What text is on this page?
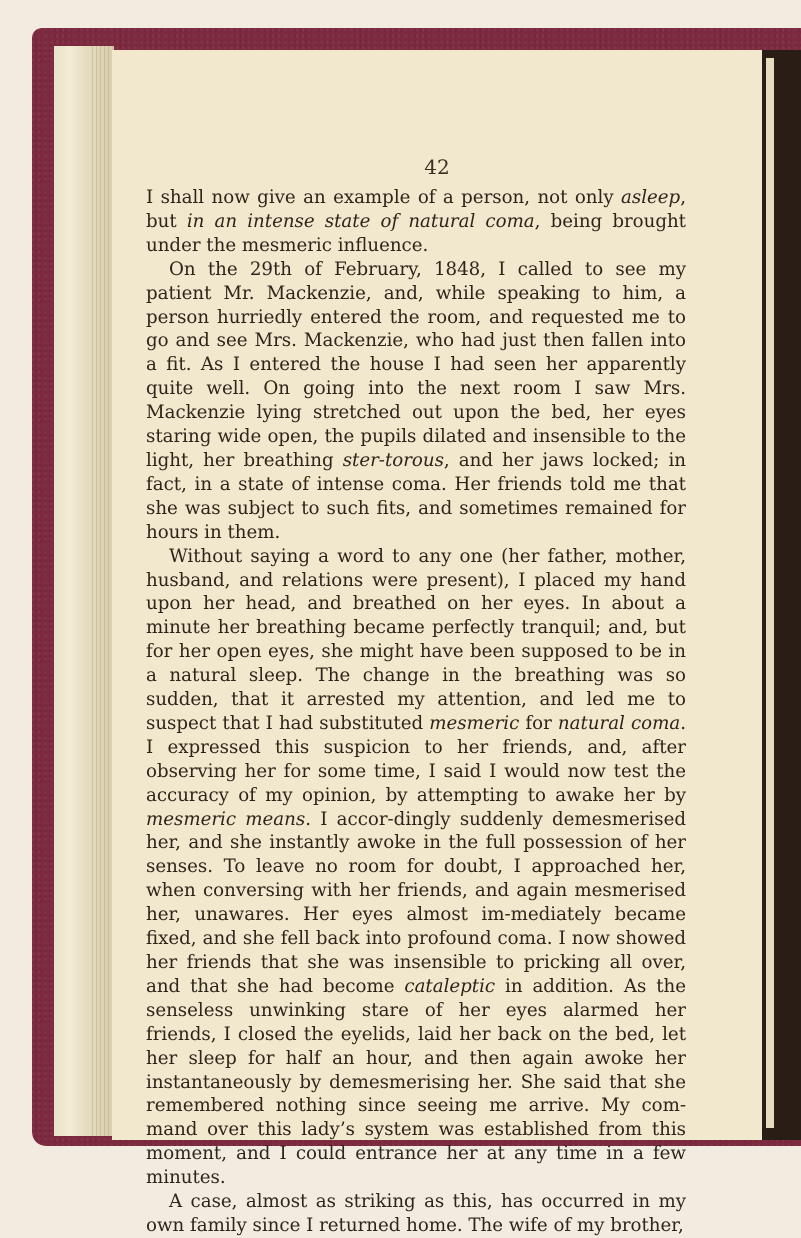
42

I shall now give an example of a person, not only asleep, but in an intense state of natural coma, being brought under the mesmeric influence.

On the 29th of February, 1848, I called to see my patient Mr. Mackenzie, and, while speaking to him, a person hurriedly entered the room, and requested me to go and see Mrs. Mackenzie, who had just then fallen into a fit. As I entered the house I had seen her apparently quite well. On going into the next room I saw Mrs. Mackenzie lying stretched out upon the bed, her eyes staring wide open, the pupils dilated and insensible to the light, her breathing ster-torous, and her jaws locked; in fact, in a state of intense coma. Her friends told me that she was subject to such fits, and sometimes remained for hours in them.

Without saying a word to any one (her father, mother, husband, and relations were present), I placed my hand upon her head, and breathed on her eyes. In about a minute her breathing became perfectly tranquil; and, but for her open eyes, she might have been supposed to be in a natural sleep. The change in the breathing was so sudden, that it arrested my attention, and led me to suspect that I had substituted mesmeric for natural coma. I expressed this suspicion to her friends, and, after observing her for some time, I said I would now test the accuracy of my opinion, by attempting to awake her by mesmeric means. I accor-dingly suddenly demesmerised her, and she instantly awoke in the full possession of her senses. To leave no room for doubt, I approached her, when conversing with her friends, and again mesmerised her, unawares. Her eyes almost im-mediately became fixed, and she fell back into profound coma. I now showed her friends that she was insensible to pricking all over, and that she had become cataleptic in addition. As the senseless unwinking stare of her eyes alarmed her friends, I closed the eyelids, laid her back on the bed, let her sleep for half an hour, and then again awoke her instantaneously by demesmerising her. She said that she remembered nothing since seeing me arrive. My com-mand over this lady’s system was established from this moment, and I could entrance her at any time in a few minutes.

A case, almost as striking as this, has occurred in my own family since I returned home. The wife of my brother,
